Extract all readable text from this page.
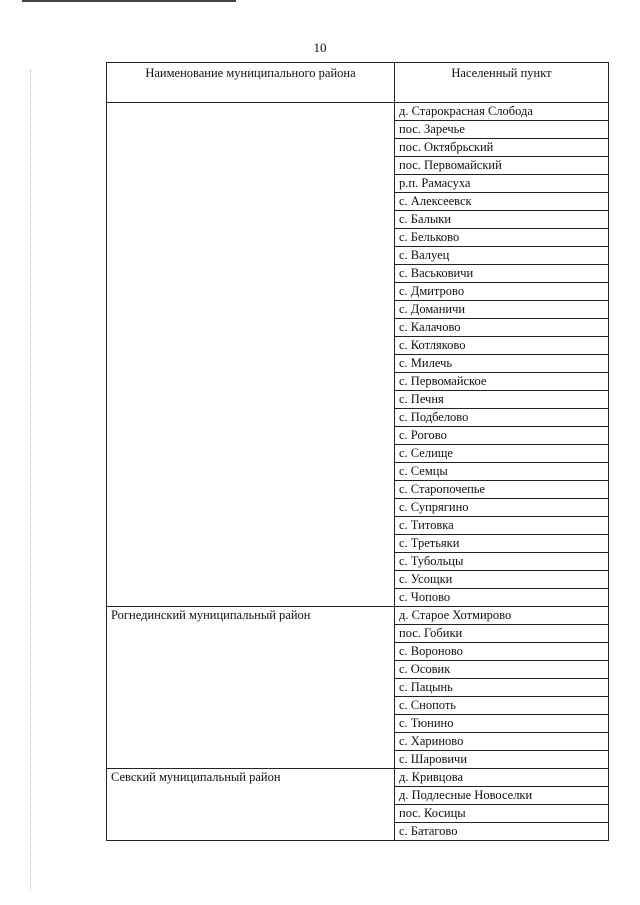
10
Наименование муниципального района	Населенный пункт
	д. Старокрасная Слобода
	пос. Заречье
	пос. Октябрьский
	пос. Первомайский
	р.п. Рамасуха
	с. Алексеевск
	с. Балыки
	с. Бельково
	с. Валуец
	с. Васьковичи
	с. Дмитрово
	с. Доманичи
	с. Калачово
	с. Котляково
	с. Милечь
	с. Первомайское
	с. Печня
	с. Подбелово
	с. Рогово
	с. Селище
	с. Семцы
	с. Старопочепье
	с. Супрягино
	с. Титовка
	с. Третьяки
	с. Тубольцы
	с. Усощки
	с. Чопово
Рогнединский муниципальный район	д. Старое Хотмирово
	пос. Гобики
	с. Вороново
	с. Осовик
	с. Пацынь
	с. Снопоть
	с. Тюнино
	с. Хариново
	с. Шаровичи
Севский муниципальный район	д. Кривцова
	д. Подлесные Новоселки
	пос. Косицы
	с. Батагово
